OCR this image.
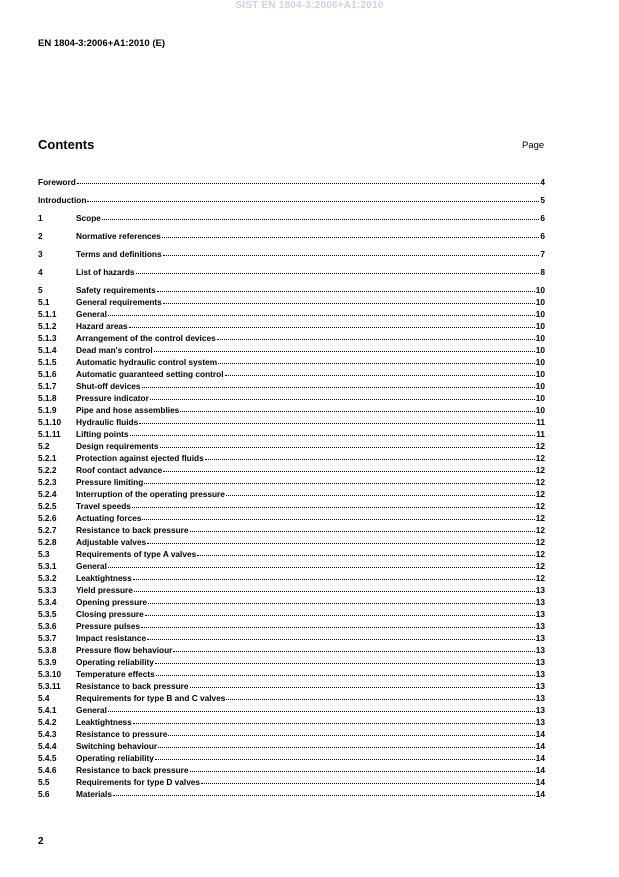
SIST EN 1804-3:2006+A1:2010
EN 1804-3:2006+A1:2010 (E)
Contents	Page
Foreword	4
Introduction	5
1	Scope	6
2	Normative references	6
3	Terms and definitions	7
4	List of hazards	8
5	Safety requirements	10
5.1	General requirements	10
5.1.1	General	10
5.1.2	Hazard areas	10
5.1.3	Arrangement of the control devices	10
5.1.4	Dead man's control	10
5.1.5	Automatic hydraulic control system	10
5.1.6	Automatic guaranteed setting control	10
5.1.7	Shut-off devices	10
5.1.8	Pressure indicator	10
5.1.9	Pipe and hose assemblies	10
5.1.10	Hydraulic fluids	11
5.1.11	Lifting points	11
5.2	Design requirements	12
5.2.1	Protection against ejected fluids	12
5.2.2	Roof contact advance	12
5.2.3	Pressure limiting	12
5.2.4	Interruption of the operating pressure	12
5.2.5	Travel speeds	12
5.2.6	Actuating forces	12
5.2.7	Resistance to back pressure	12
5.2.8	Adjustable valves	12
5.3	Requirements of type A valves	12
5.3.1	General	12
5.3.2	Leaktightness	12
5.3.3	Yield pressure	13
5.3.4	Opening pressure	13
5.3.5	Closing pressure	13
5.3.6	Pressure pulses	13
5.3.7	Impact resistance	13
5.3.8	Pressure flow behaviour	13
5.3.9	Operating reliability	13
5.3.10	Temperature effects	13
5.3.11	Resistance to back pressure	13
5.4	Requirements for type B and C valves	13
5.4.1	General	13
5.4.2	Leaktightness	13
5.4.3	Resistance to pressure	14
5.4.4	Switching behaviour	14
5.4.5	Operating reliability	14
5.4.6	Resistance to back pressure	14
5.5	Requirements for type D valves	14
5.6	Materials	14
2
